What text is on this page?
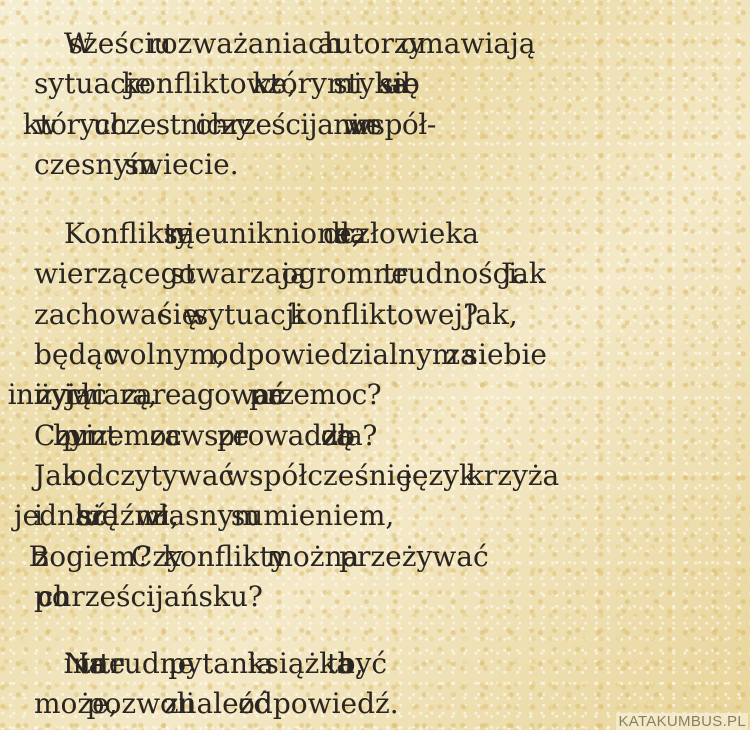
W sześciu rozważaniach autorzy omawiają
sytuacje konfliktowe, z którymi styka się – lub
w których uczestniczy – chrześcijanin we współ-
czesnym świecie.

Konflikty są nieuniknione, a dla człowieka
wierzącego stwarzają ogromne trudności. Jak
zachować się w sytuacji konfliktowej? Jak,
będąc wolnym, odpowiedzialnym za siebie
i innych i żyjąc wiarą, zareagować na przemoc?
Czy bunt i przemoc zawsze prowadzą do zła?
Jak odczytywać współcześnie język krzyża
i jednać się z ludźmi, z własnym sumieniem,
z Bogiem? Czy konflikty można przeżywać
po chrześcijańsku?

Na te i inne trudne pytania książka ta, być
może, pozwoli znaleźć odpowiedź.

KATAKUMBUS.PL
